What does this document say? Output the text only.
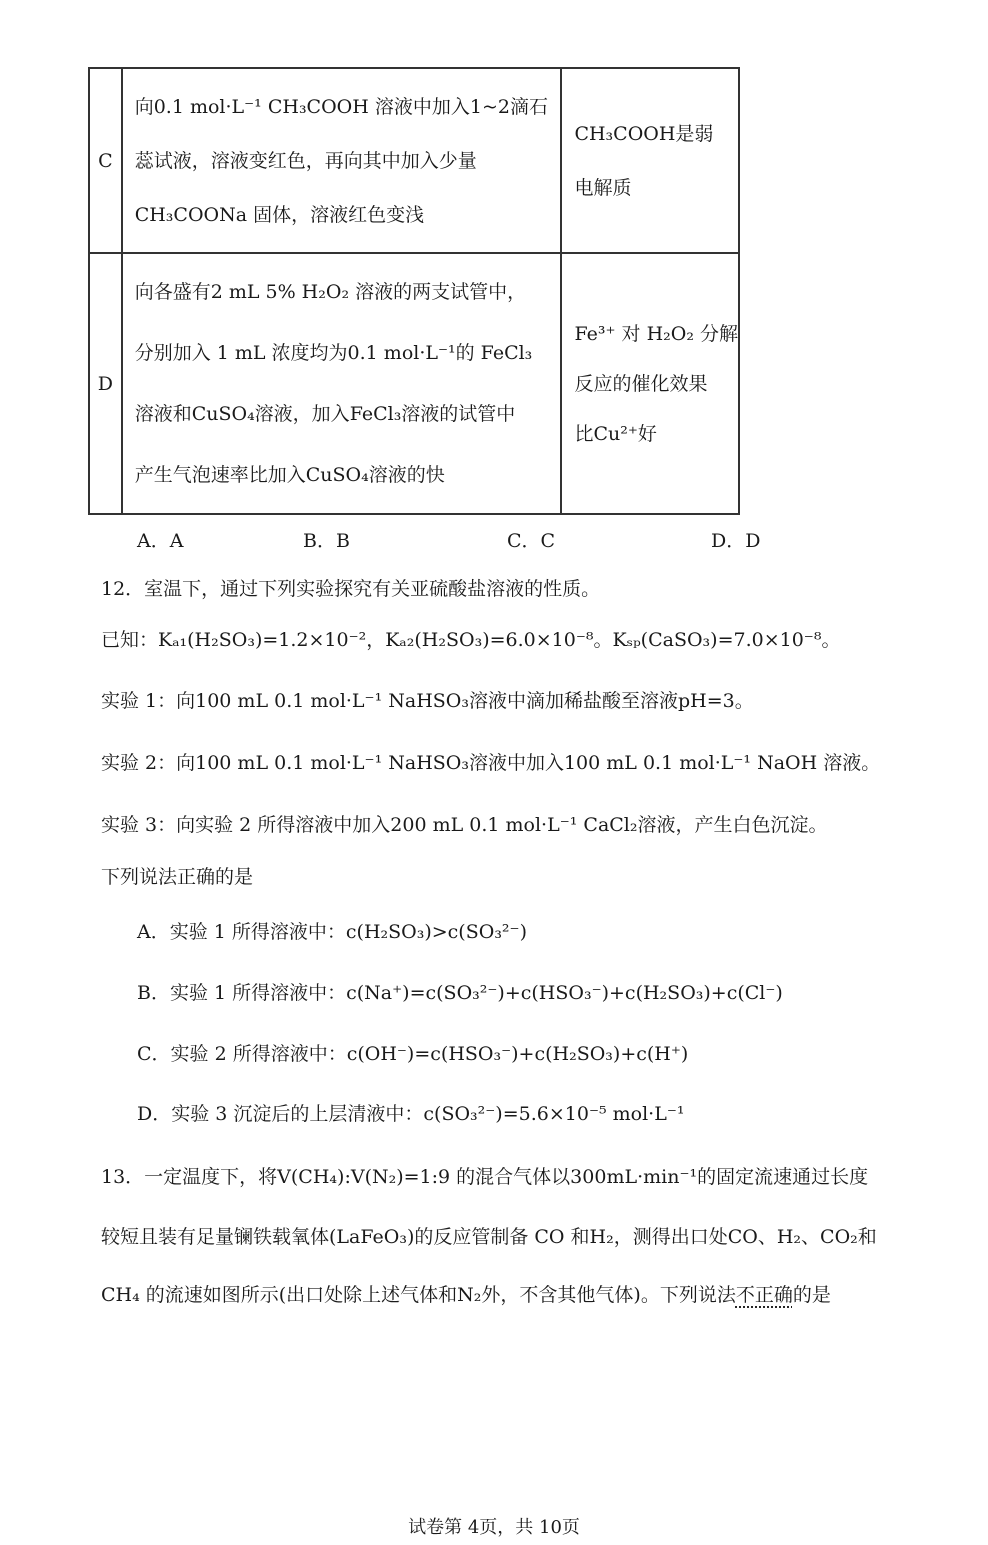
C	向0.1 mol·L⁻¹ CH₃COOH 溶液中加入1~2滴石
蕊试液，溶液变红色，再向其中加入少量
CH₃COONa 固体，溶液红色变浅	CH₃COOH是弱
电解质

D	向各盛有2 mL 5% H₂O₂ 溶液的两支试管中，
分别加入 1 mL 浓度均为0.1 mol·L⁻¹的 FeCl₃
溶液和CuSO₄溶液，加入FeCl₃溶液的试管中
产生气泡速率比加入CuSO₄溶液的快	Fe³⁺ 对 H₂O₂ 分解
反应的催化效果
比Cu²⁺好
A．A	B．B	C．C	D．D
12．室温下，通过下列实验探究有关亚硫酸盐溶液的性质。
已知：Kₐ₁(H₂SO₃)=1.2×10⁻²，Kₐ₂(H₂SO₃)=6.0×10⁻⁸。Kₛₚ(CaSO₃)=7.0×10⁻⁸。
实验 1：向100 mL 0.1 mol·L⁻¹ NaHSO₃溶液中滴加稀盐酸至溶液pH=3。
实验 2：向100 mL 0.1 mol·L⁻¹ NaHSO₃溶液中加入100 mL 0.1 mol·L⁻¹ NaOH 溶液。
实验 3：向实验 2 所得溶液中加入200 mL 0.1 mol·L⁻¹ CaCl₂溶液，产生白色沉淀。
下列说法正确的是
A．实验 1 所得溶液中：c(H₂SO₃)>c(SO₃²⁻)
B．实验 1 所得溶液中：c(Na⁺)=c(SO₃²⁻)+c(HSO₃⁻)+c(H₂SO₃)+c(Cl⁻)
C．实验 2 所得溶液中：c(OH⁻)=c(HSO₃⁻)+c(H₂SO₃)+c(H⁺)
D．实验 3 沉淀后的上层清液中：c(SO₃²⁻)=5.6×10⁻⁵ mol·L⁻¹
13．一定温度下，将V(CH₄):V(N₂)=1:9 的混合气体以300mL·min⁻¹的固定流速通过长度
较短且装有足量镧铁载氧体(LaFeO₃)的反应管制备 CO 和H₂，测得出口处CO、H₂、CO₂和
CH₄ 的流速如图所示(出口处除上述气体和N₂外，不含其他气体)。下列说法不正确的是
试卷第 4页，共 10页
